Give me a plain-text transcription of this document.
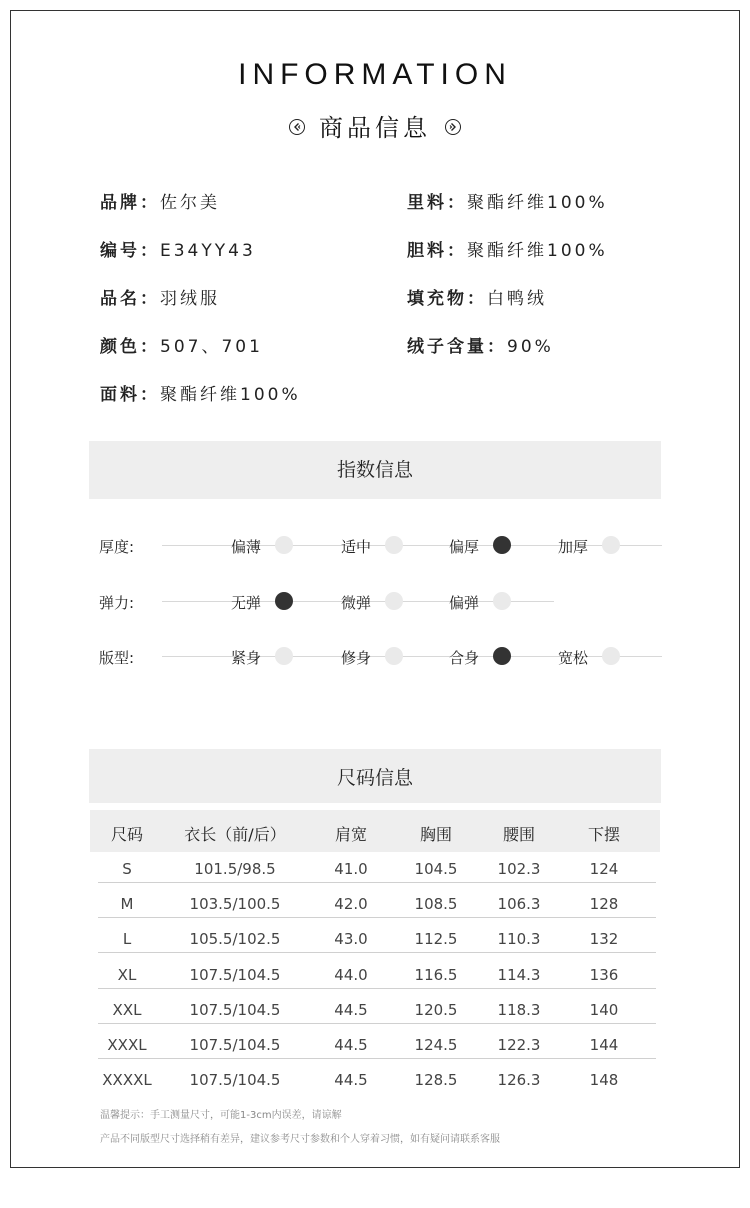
INFORMATION
商品信息
品牌：佐尔美
编号：E34YY43
品名：羽绒服
颜色：507、701
面料：聚酯纤维100%
里料：聚酯纤维100%
胆料：聚酯纤维100%
填充物：白鸭绒
绒子含量：90%
指数信息
厚度:	偏薄	适中	偏厚	加厚
弹力:	无弹	微弹	偏弹
版型:	紧身	修身	合身	宽松
尺码信息
尺码	衣长（前/后）	肩宽	胸围	腰围	下摆
S	101.5/98.5	41.0	104.5	102.3	124
M	103.5/100.5	42.0	108.5	106.3	128
L	105.5/102.5	43.0	112.5	110.3	132
XL	107.5/104.5	44.0	116.5	114.3	136
XXL	107.5/104.5	44.5	120.5	118.3	140
XXXL	107.5/104.5	44.5	124.5	122.3	144
XXXXL	107.5/104.5	44.5	128.5	126.3	148
温馨提示：手工测量尺寸，可能1-3cm内误差，请谅解
产品不同版型尺寸选择稍有差异，建议参考尺寸参数和个人穿着习惯，如有疑问请联系客服
